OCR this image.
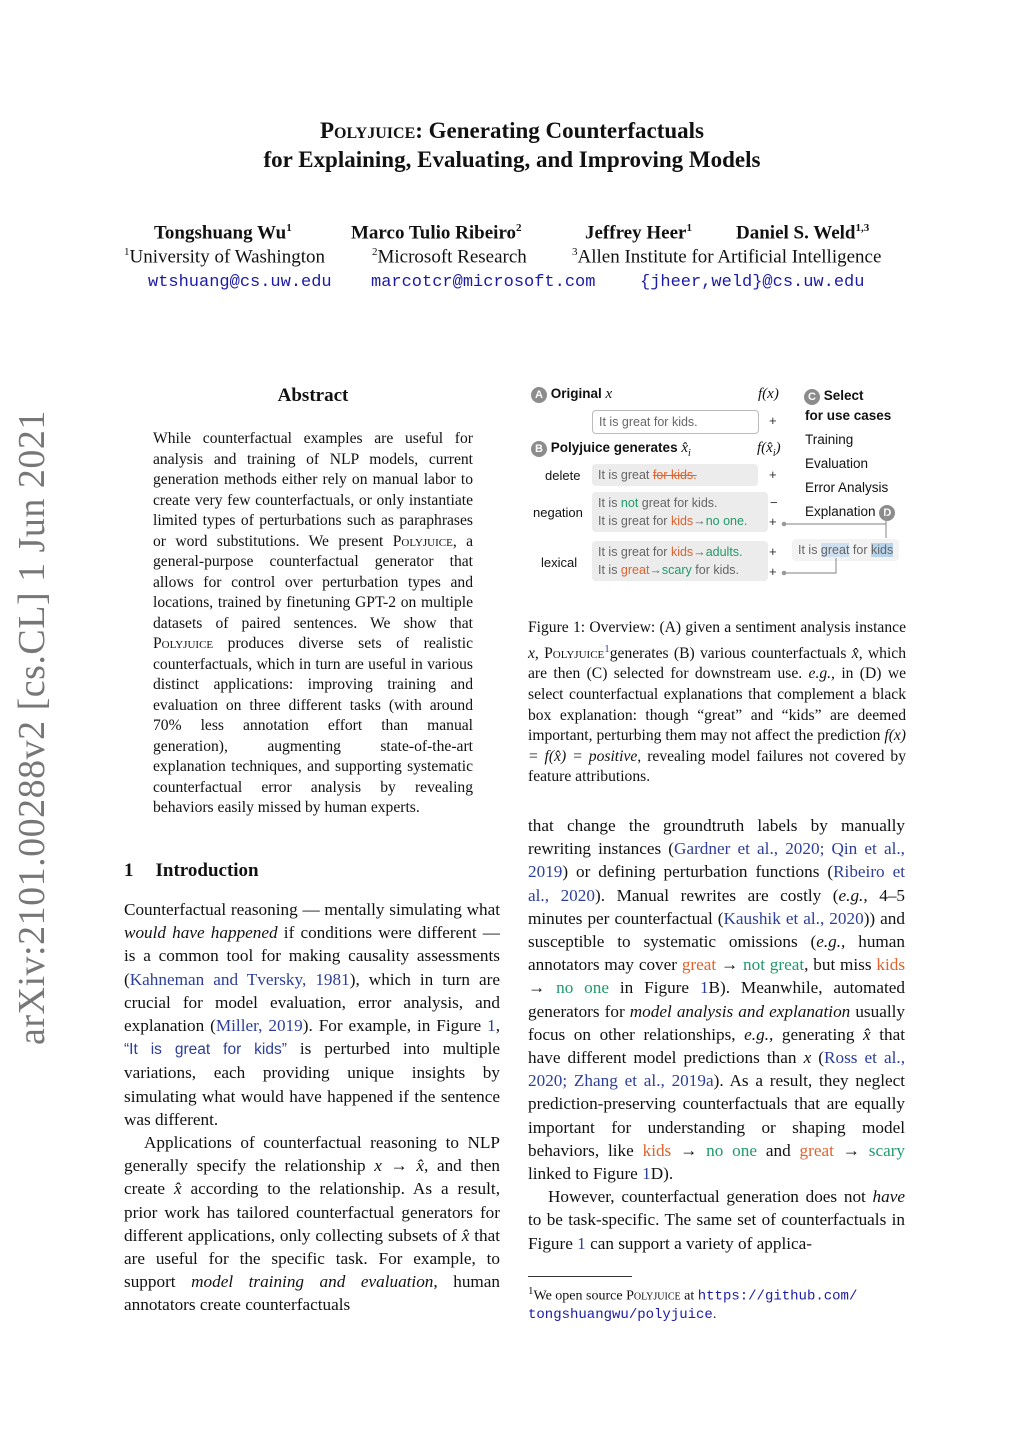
Polyjuice: Generating Counterfactuals
for Explaining, Evaluating, and Improving Models
Tongshuang Wu$^1$	Marco Tulio Ribeiro$^2$	Jeffrey Heer$^1$ Daniel S. Weld$^{1,3}$
$^1$University of Washington	$^2$Microsoft Research	$^3$Allen Institute for Artificial Intelligence
wtshuang@cs.uw.edu marcotcr@microsoft.com	{jheer,weld}@cs.uw.edu
arXiv:2101.00288v2 [cs.CL] 1 Jun 2021
Abstract
While counterfactual examples are useful for analysis and training of NLP models, current generation methods either rely on manual labor to create very few counterfactuals, or only instantiate limited types of perturbations such as paraphrases or word substitutions. We present Polyjuice, a general-purpose counterfactual generator that allows for control over perturbation types and locations, trained by finetuning GPT-2 on multiple datasets of paired sentences. We show that Polyjuice produces diverse sets of realistic counterfactuals, which in turn are useful in various distinct applications: improving training and evaluation on three different tasks (with around 70% less annotation effort than manual generation), augmenting state-of-the-art explanation techniques, and supporting systematic counterfactual error analysis by revealing behaviors easily missed by human experts.
1 Introduction

Counterfactual reasoning — mentally simulating what would have happened if conditions were different — is a common tool for making causality assessments (Kahneman and Tversky, 1981), which in turn are crucial for model evaluation, error analysis, and explanation (Miller, 2019). For example, in Figure 1, “It is great for kids” is perturbed into multiple variations, each providing unique insights by simulating what would have happened if the sentence was different.

Applications of counterfactual reasoning to NLP generally specify the relationship x → x̂, and then create x̂ according to the relationship. As a result, prior work has tailored counterfactual generators for different applications, only collecting subsets of x̂ that are useful for the specific task. For example, to support model training and evaluation, human annotators create counterfactuals

A Original x	f(x)
It is great for kids.	+
B Polyjuice generates $x̂_i$	$f(x̂_i)$
delete	It is great for kids.	+
negation
It is not great for kids.
It is great for kids→no one.
−
+
lexical
It is great for kids→adults.
It is great→scary for kids.
+
+
C Select
for use cases
Training
Evaluation
Error Analysis
Explanation D
It is great for kids
Figure 1: Overview: (A) given a sentiment analysis instance x, Polyjuice$^1$generates (B) various counterfactuals x̂, which are then (C) selected for downstream use. e.g., in (D) we select counterfactual explanations that complement a black box explanation: though “great” and “kids” are deemed important, perturbing them may not affect the prediction f(x) = f(x̂) = positive, revealing model failures not covered by feature attributions.

that change the groundtruth labels by manually rewriting instances (Gardner et al., 2020; Qin et al., 2019) or defining perturbation functions (Ribeiro et al., 2020). Manual rewrites are costly (e.g., 4–5 minutes per counterfactual (Kaushik et al., 2020)) and susceptible to systematic omissions (e.g., human annotators may cover great → not great, but miss kids → no one in Figure 1B). Meanwhile, automated generators for model analysis and explanation usually focus on other relationships, e.g., generating x̂ that have different model predictions than x (Ross et al., 2020; Zhang et al., 2019a). As a result, they neglect prediction-preserving counterfactuals that are equally important for understanding or shaping model behaviors, like kids → no one and great → scary linked to Figure 1D).

However, counterfactual generation does not have to be task-specific. The same set of counterfactuals in Figure 1 can support a variety of applica-

$^1$We open source Polyjuice at https://github.com/
tongshuangwu/polyjuice.
